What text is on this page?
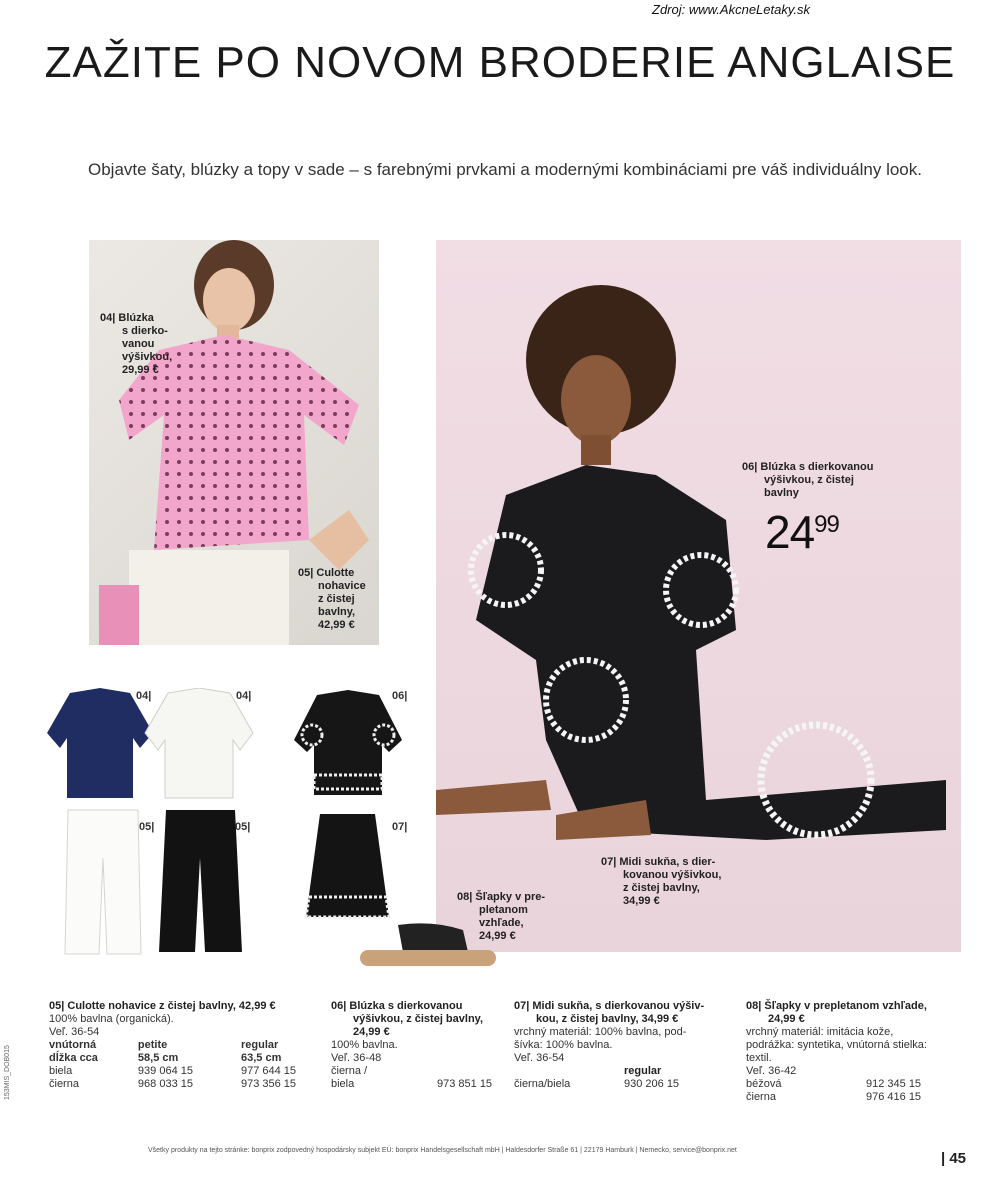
Zdroj: www.AkcneLetaky.sk
ZAŽITE PO NOVOM BRODERIE ANGLAISE
Objavte šaty, blúzky a topy v sade – s farebnými prvkami a modernými kombináciami pre váš individuálny look.
04| Blúzka
s dierko-
vanou
výšivkou,
29,99 €
05| Culotte
nohavice
z čistej
bavlny,
42,99 €
06| Blúzka s dierkovanou
výšivkou, z čistej
bavlny
$24^{99}$
07| Midi sukňa, s dier-
kovanou výšivkou,
z čistej bavlny,
34,99 €
08| Šľapky v pre-
pletanom
vzhľade,
24,99 €
04|	04|	06|
05|	05|	07|
05| Culotte nohavice z čistej bavlny, 42,99 €
100% bavlna (organická).
Veľ. 36-54
vnútorná	petite	regular
dĺžka cca	58,5 cm	63,5 cm
biela	939 064 15	977 644 15
čierna	968 033 15	973 356 15
06| Blúzka s dierkovanou
výšivkou, z čistej bavlny,
24,99 €
100% bavlna.
Veľ. 36-48
čierna /
biela	973 851 15
07| Midi sukňa, s dierkovanou výšiv-
kou, z čistej bavlny, 34,99 €
vrchný materiál: 100% bavlna, pod-
šívka: 100% bavlna.
Veľ. 36-54
regular
čierna/biela	930 206 15
08| Šľapky v prepletanom vzhľade,
24,99 €
vrchný materiál: imitácia kože,
podrážka: syntetika, vnútorná stielka:
textil.
Veľ. 36-42
béžová	912 345 15
čierna	976 416 15
Všetky produkty na tejto stránke: bonprix zodpovedný hospodársky subjekt EÚ: bonprix Handelsgesellschaft mbH | Haldesdorfer Straße 61 | 22179 Hamburk | Nemecko, service@bonprix.net	| 45
153MIS_DOB015
